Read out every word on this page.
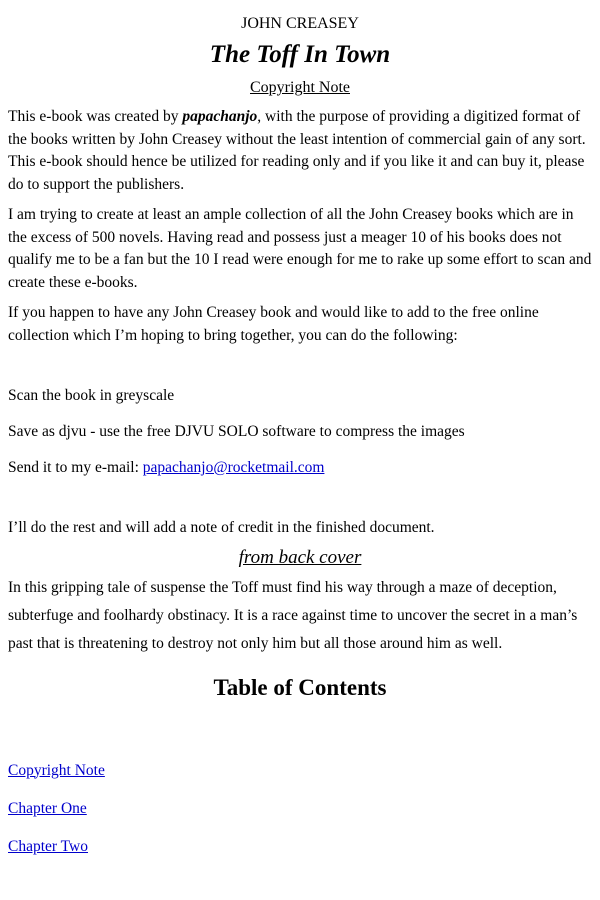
JOHN CREASEY

The Toff In Town

Copyright Note

This e-book was created by papachanjo, with the purpose of providing a digitized format of the books written by John Creasey without the least intention of commercial gain of any sort. This e-book should hence be utilized for reading only and if you like it and can buy it, please do to support the publishers.

I am trying to create at least an ample collection of all the John Creasey books which are in the excess of 500 novels. Having read and possess just a meager 10 of his books does not qualify me to be a fan but the 10 I read were enough for me to rake up some effort to scan and create these e-books.

If you happen to have any John Creasey book and would like to add to the free online collection which I’m hoping to bring together, you can do the following:

Scan the book in greyscale

Save as djvu - use the free DJVU SOLO software to compress the images

Send it to my e-mail: papachanjo@rocketmail.com

I’ll do the rest and will add a note of credit in the finished document.

from back cover

In this gripping tale of suspense the Toff must find his way through a maze of deception, subterfuge and foolhardy obstinacy. It is a race against time to uncover the secret in a man’s past that is threatening to destroy not only him but all those around him as well.

Table of Contents

Copyright Note
Chapter One
Chapter Two
